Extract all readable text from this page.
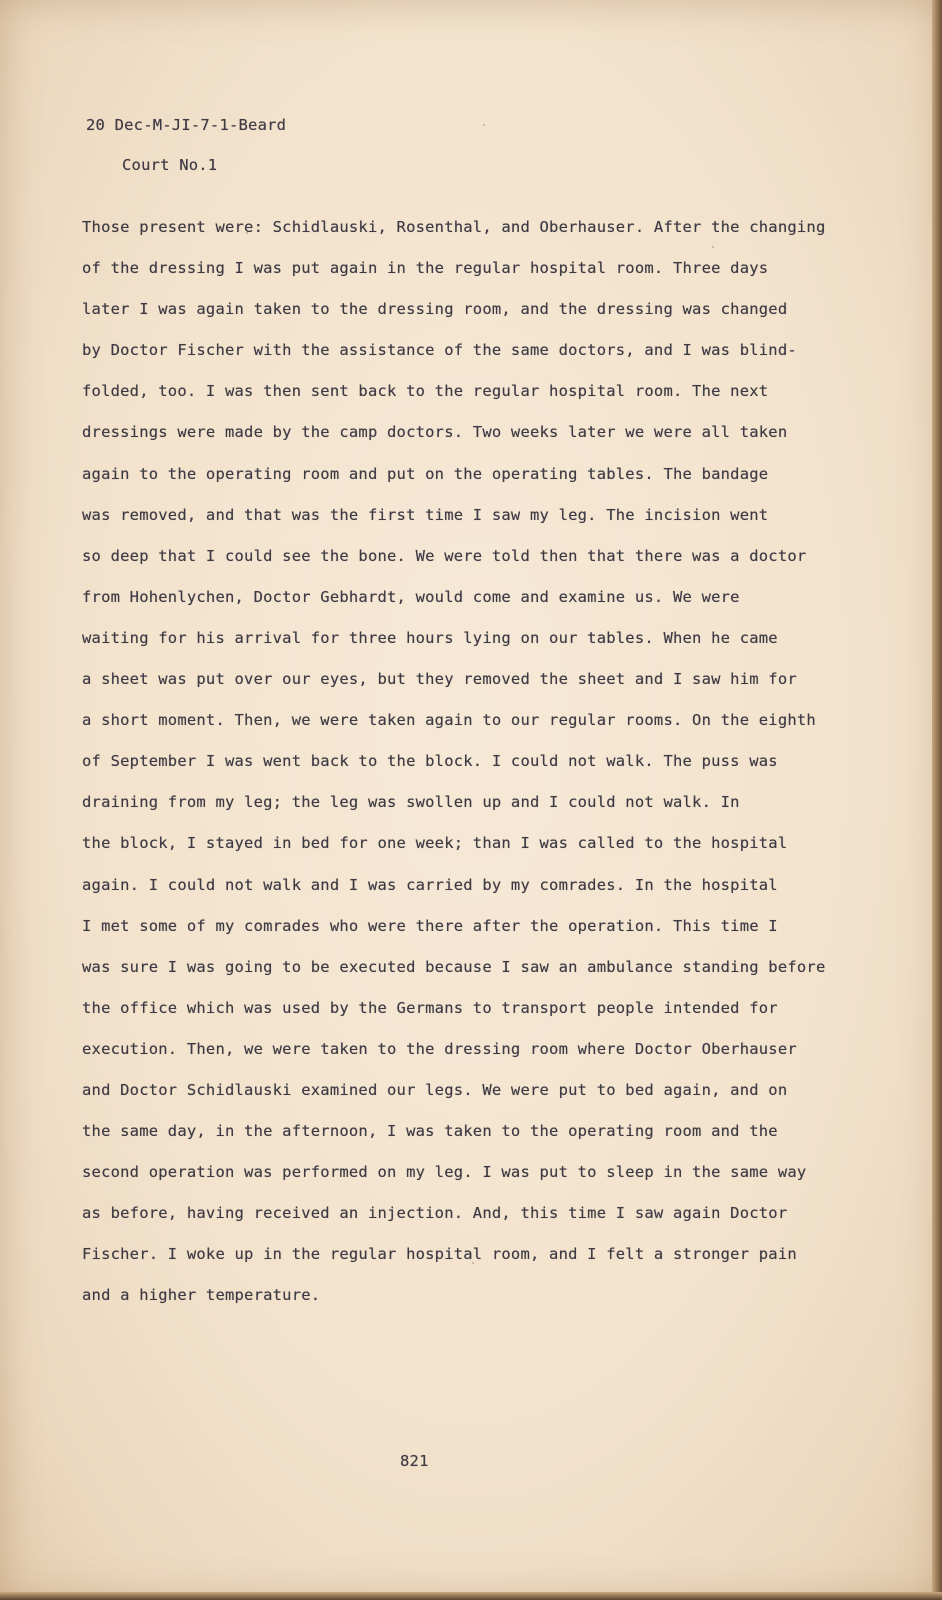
20 Dec-M-JI-7-1-Beard
Court No.1
Those present were: Schidlauski, Rosenthal, and Oberhauser. After the changing
of the dressing I was put again in the regular hospital room. Three days
later I was again taken to the dressing room, and the dressing was changed
by Doctor Fischer with the assistance of the same doctors, and I was blind-
folded, too. I was then sent back to the regular hospital room. The next
dressings were made by the camp doctors. Two weeks later we were all taken
again to the operating room and put on the operating tables. The bandage
was removed, and that was the first time I saw my leg. The incision went
so deep that I could see the bone. We were told then that there was a doctor
from Hohenlychen, Doctor Gebhardt, would come and examine us. We were
waiting for his arrival for three hours lying on our tables. When he came
a sheet was put over our eyes, but they removed the sheet and I saw him for
a short moment. Then, we were taken again to our regular rooms. On the eighth
of September I was went back to the block. I could not walk. The puss was
draining from my leg; the leg was swollen up and I could not walk. In
the block, I stayed in bed for one week; than I was called to the hospital
again. I could not walk and I was carried by my comrades. In the hospital
I met some of my comrades who were there after the operation. This time I
was sure I was going to be executed because I saw an ambulance standing before
the office which was used by the Germans to transport people intended for
execution. Then, we were taken to the dressing room where Doctor Oberhauser
and Doctor Schidlauski examined our legs. We were put to bed again, and on
the same day, in the afternoon, I was taken to the operating room and the
second operation was performed on my leg. I was put to sleep in the same way
as before, having received an injection. And, this time I saw again Doctor
Fischer. I woke up in the regular hospital room, and I felt a stronger pain
and a higher temperature.
821
